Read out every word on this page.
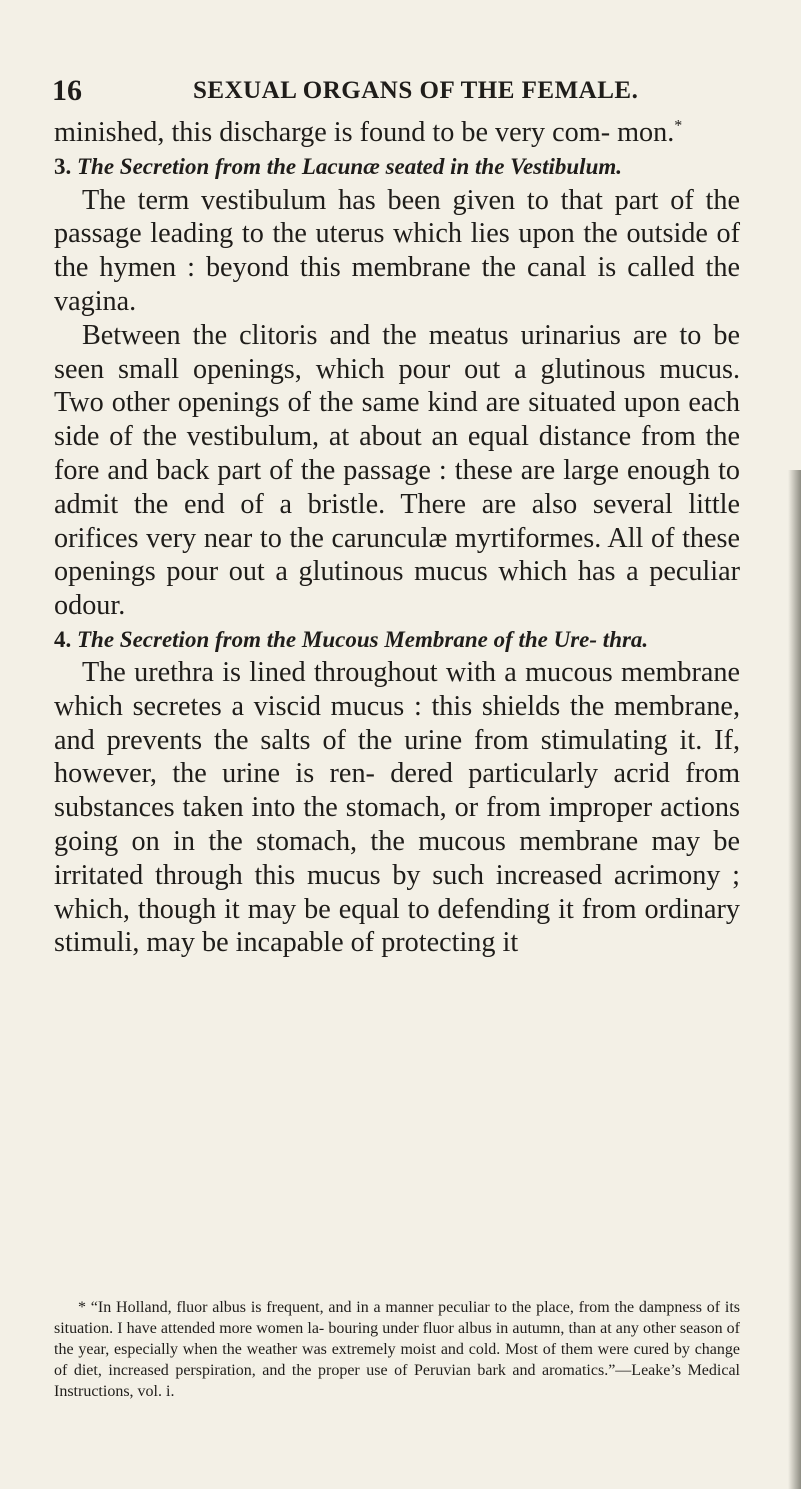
16	SEXUAL ORGANS OF THE FEMALE.

minished, this discharge is found to be very com- mon.*

3. The Secretion from the Lacunæ seated in the Vestibulum.

The term vestibulum has been given to that part of the passage leading to the uterus which lies upon the outside of the hymen : beyond this membrane the canal is called the vagina.

Between the clitoris and the meatus urinarius are to be seen small openings, which pour out a glutinous mucus. Two other openings of the same kind are situated upon each side of the vestibulum, at about an equal distance from the fore and back part of the passage : these are large enough to admit the end of a bristle. There are also several little orifices very near to the carunculæ myrtiformes. All of these openings pour out a glutinous mucus which has a peculiar odour.

4. The Secretion from the Mucous Membrane of the Ure- thra.

The urethra is lined throughout with a mucous membrane which secretes a viscid mucus : this shields the membrane, and prevents the salts of the urine from stimulating it. If, however, the urine is ren- dered particularly acrid from substances taken into the stomach, or from improper actions going on in the stomach, the mucous membrane may be irritated through this mucus by such increased acrimony ; which, though it may be equal to defending it from ordinary stimuli, may be incapable of protecting it

* “In Holland, fluor albus is frequent, and in a manner peculiar to the place, from the dampness of its situation. I have attended more women la- bouring under fluor albus in autumn, than at any other season of the year, especially when the weather was extremely moist and cold. Most of them were cured by change of diet, increased perspiration, and the proper use of Peruvian bark and aromatics.”—Leake’s Medical Instructions, vol. i.
